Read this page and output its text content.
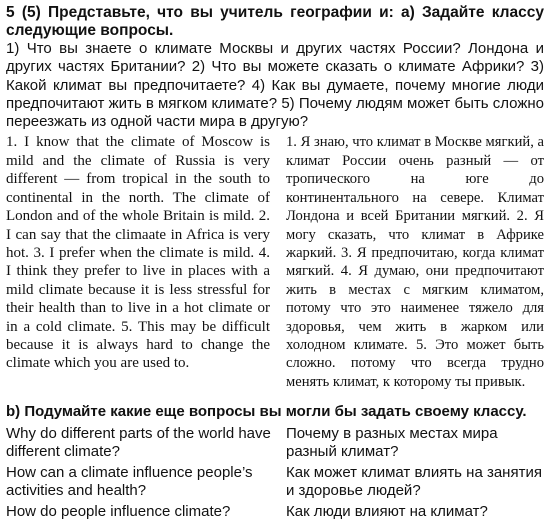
5 (5) Представьте, что вы учитель географии и: а) Задайте классу следующие вопросы.
1) Что вы знаете о климате Москвы и других частях России? Лондона и других частях Британии? 2) Что вы можете сказать о климате Африки? 3) Какой климат вы предпочитаете? 4) Как вы думаете, почему многие люди предпочитают жить в мягком климате? 5) Почему людям может быть сложно переезжать из одной части мира в другую?
1. I know that the climate of Moscow is mild and the climate of Russia is very different — from tropical in the south to continental in the north. The climate of London and of the whole Britain is mild. 2. I can say that the climaate in Africa is very hot. 3. I prefer when the climate is mild. 4. I think they prefer to live in places with a mild climate because it is less stressful for their health than to live in a hot climate or in a cold climate. 5. This may be difficult because it is always hard to change the climate which you are used to.
1. Я знаю, что климат в Москве мягкий, а климат России очень разный — от тропического на юге до континентального на севере. Климат Лондона и всей Британии мягкий. 2. Я могу сказать, что климат в Африке жаркий. 3. Я предпочитаю, когда климат мягкий. 4. Я думаю, они предпочитают жить в местах с мягким климатом, потому что это наименее тяжело для здоровья, чем жить в жарком или холодном климате. 5. Это может быть сложно. потому что всегда трудно менять климат, к которому ты привык.
b) Подумайте какие еще вопросы вы могли бы задать своему классу.
Why do different parts of the world have different climate?
Почему в разных местах мира разный климат?
How can a climate influence people’s activities and health?
Как может климат влиять на занятия и здоровье людей?
How do people influence climate?	Как люди влияют на климат?
